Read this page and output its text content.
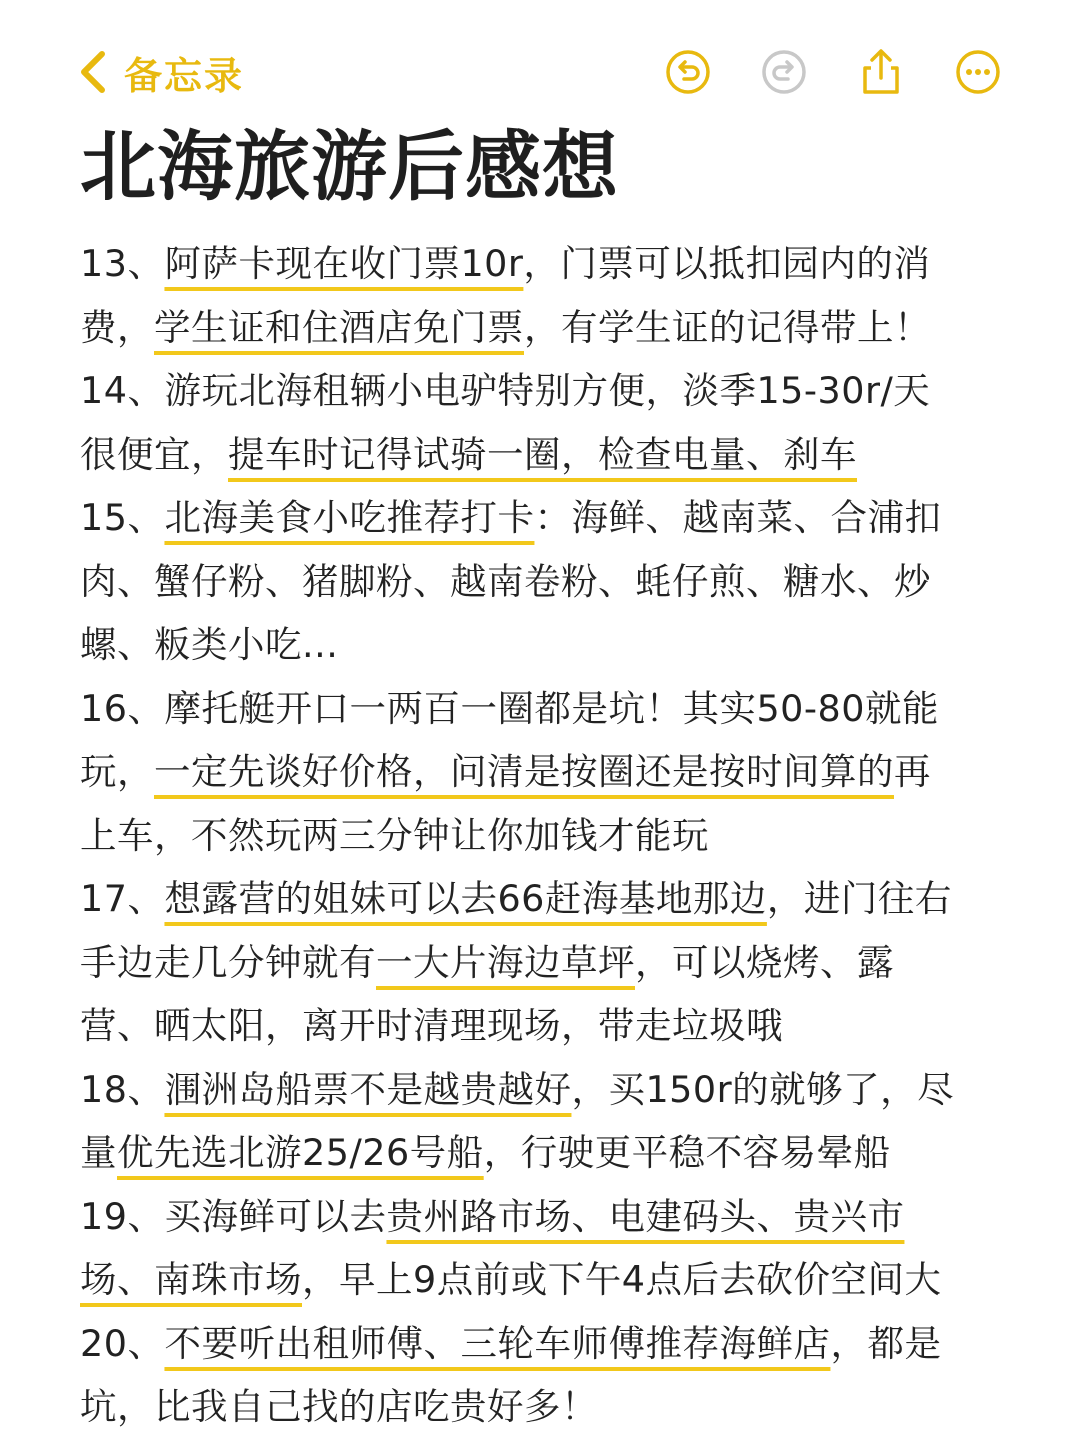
备忘录
北海旅游后感想
13、阿萨卡现在收门票10r，门票可以抵扣园内的消
费，学生证和住酒店免门票，有学生证的记得带上！
14、游玩北海租辆小电驴特别方便，淡季15-30r/天
很便宜，提车时记得试骑一圈，检查电量、刹车
15、北海美食小吃推荐打卡：海鲜、越南菜、合浦扣
肉、蟹仔粉、猪脚粉、越南卷粉、蚝仔煎、糖水、炒
螺、粄类小吃...
16、摩托艇开口一两百一圈都是坑！其实50-80就能
玩，一定先谈好价格，问清是按圈还是按时间算的再
上车，不然玩两三分钟让你加钱才能玩
17、想露营的姐妹可以去66赶海基地那边，进门往右
手边走几分钟就有一大片海边草坪，可以烧烤、露
营、晒太阳，离开时清理现场，带走垃圾哦
18、涠洲岛船票不是越贵越好，买150r的就够了，尽
量优先选北游25/26号船，行驶更平稳不容易晕船
19、买海鲜可以去贵州路市场、电建码头、贵兴市
场、南珠市场，早上9点前或下午4点后去砍价空间大
20、不要听出租师傅、三轮车师傅推荐海鲜店，都是
坑，比我自己找的店吃贵好多！
